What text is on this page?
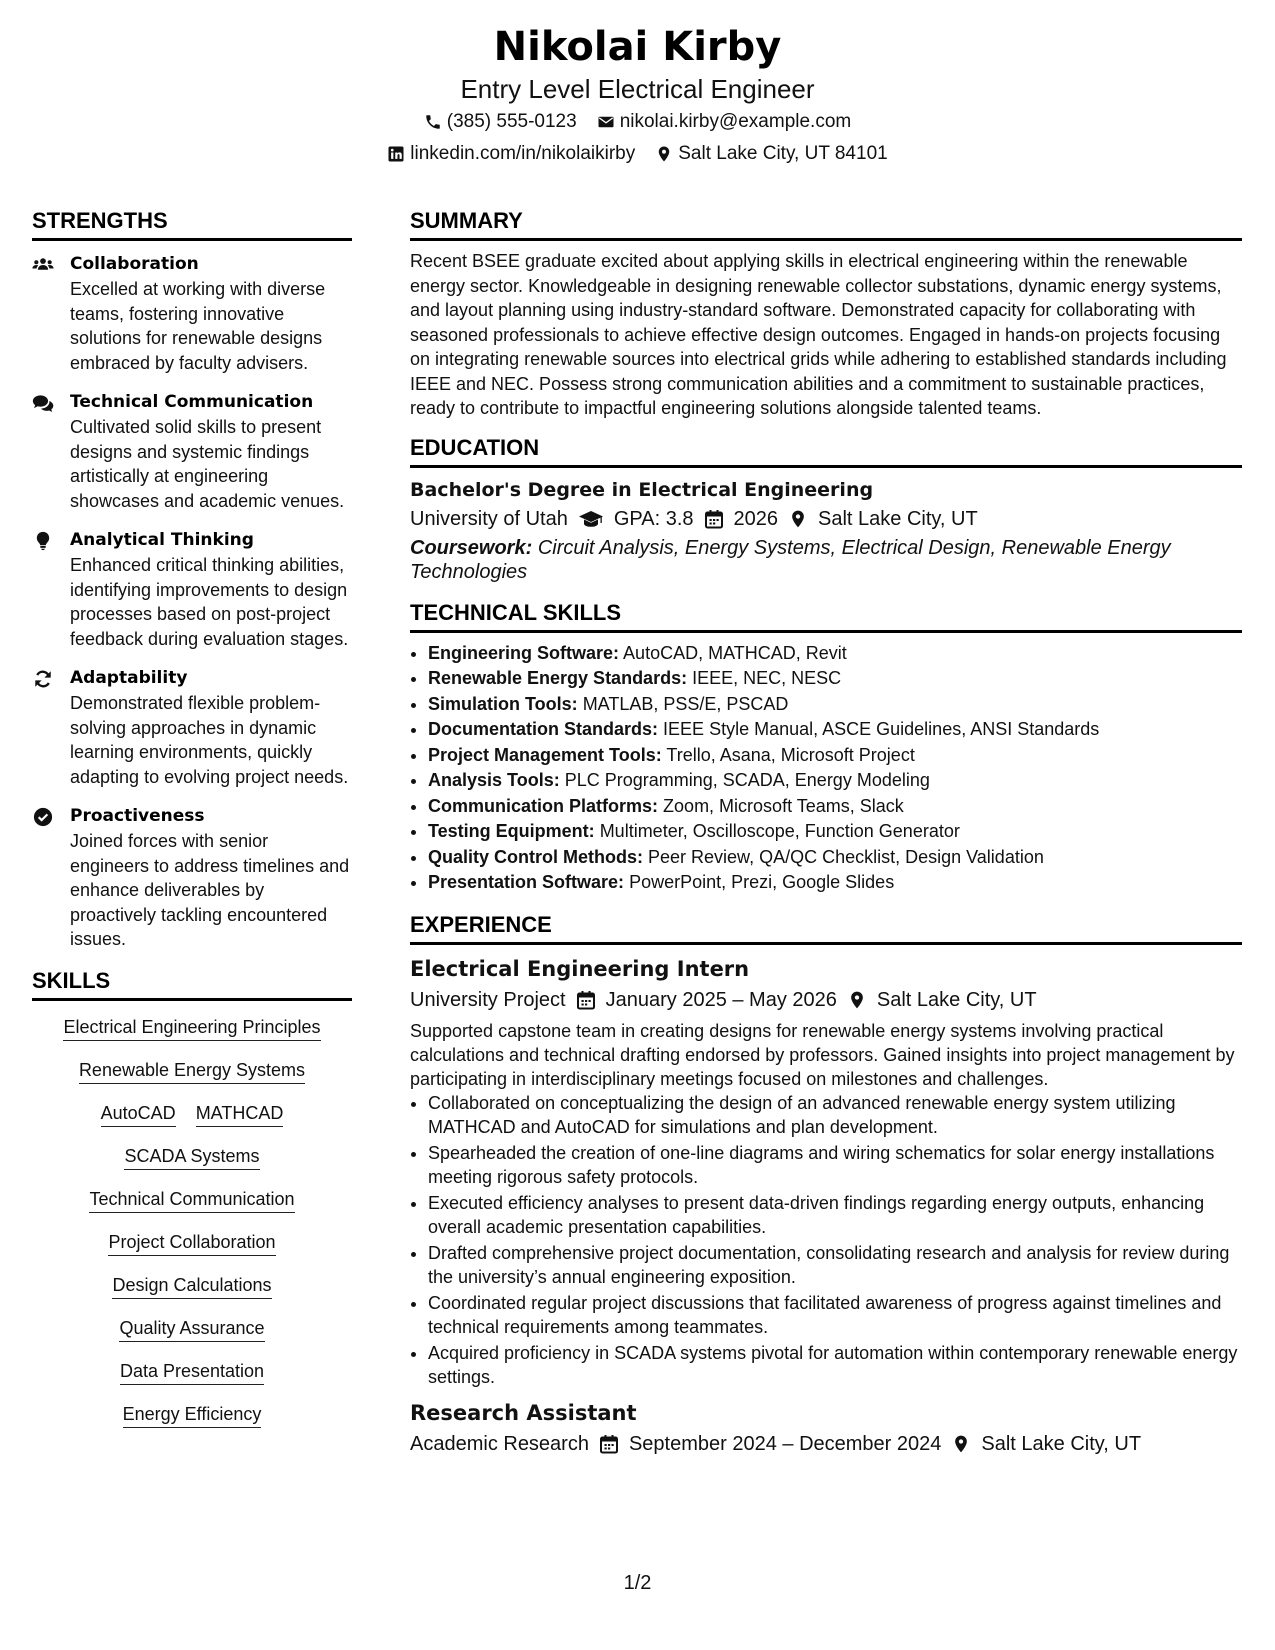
Nikolai Kirby
Entry Level Electrical Engineer
(385) 555-0123 nikolai.kirby@example.com
linkedin.com/in/nikolaikirby Salt Lake City, UT 84101
STRENGTHS
Collaboration
Excelled at working with diverse teams, fostering innovative solutions for renewable designs embraced by faculty advisers.
Technical Communication
Cultivated solid skills to present designs and systemic findings artistically at engineering showcases and academic venues.
Analytical Thinking
Enhanced critical thinking abilities, identifying improvements to design processes based on post-project feedback during evaluation stages.
Adaptability
Demonstrated flexible problem-solving approaches in dynamic learning environments, quickly adapting to evolving project needs.
Proactiveness
Joined forces with senior engineers to address timelines and enhance deliverables by proactively tackling encountered issues.
SKILLS
Electrical Engineering Principles
Renewable Energy Systems
AutoCAD MATHCAD
SCADA Systems
Technical Communication
Project Collaboration
Design Calculations
Quality Assurance
Data Presentation
Energy Efficiency
SUMMARY
Recent BSEE graduate excited about applying skills in electrical engineering within the renewable energy sector. Knowledgeable in designing renewable collector substations, dynamic energy systems, and layout planning using industry-standard software. Demonstrated capacity for collaborating with seasoned professionals to achieve effective design outcomes. Engaged in hands-on projects focusing on integrating renewable sources into electrical grids while adhering to established standards including IEEE and NEC. Possess strong communication abilities and a commitment to sustainable practices, ready to contribute to impactful engineering solutions alongside talented teams.
EDUCATION
Bachelor's Degree in Electrical Engineering
University of Utah GPA: 3.8 2026 Salt Lake City, UT
Coursework: Circuit Analysis, Energy Systems, Electrical Design, Renewable Energy Technologies
TECHNICAL SKILLS
• Engineering Software: AutoCAD, MATHCAD, Revit
• Renewable Energy Standards: IEEE, NEC, NESC
• Simulation Tools: MATLAB, PSS/E, PSCAD
• Documentation Standards: IEEE Style Manual, ASCE Guidelines, ANSI Standards
• Project Management Tools: Trello, Asana, Microsoft Project
• Analysis Tools: PLC Programming, SCADA, Energy Modeling
• Communication Platforms: Zoom, Microsoft Teams, Slack
• Testing Equipment: Multimeter, Oscilloscope, Function Generator
• Quality Control Methods: Peer Review, QA/QC Checklist, Design Validation
• Presentation Software: PowerPoint, Prezi, Google Slides
EXPERIENCE
Electrical Engineering Intern
University Project January 2025 – May 2026 Salt Lake City, UT
Supported capstone team in creating designs for renewable energy systems involving practical calculations and technical drafting endorsed by professors. Gained insights into project management by participating in interdisciplinary meetings focused on milestones and challenges.
• Collaborated on conceptualizing the design of an advanced renewable energy system utilizing MATHCAD and AutoCAD for simulations and plan development.
• Spearheaded the creation of one-line diagrams and wiring schematics for solar energy installations meeting rigorous safety protocols.
• Executed efficiency analyses to present data-driven findings regarding energy outputs, enhancing overall academic presentation capabilities.
• Drafted comprehensive project documentation, consolidating research and analysis for review during the university’s annual engineering exposition.
• Coordinated regular project discussions that facilitated awareness of progress against timelines and technical requirements among teammates.
• Acquired proficiency in SCADA systems pivotal for automation within contemporary renewable energy settings.
Research Assistant
Academic Research September 2024 – December 2024 Salt Lake City, UT
1/2
